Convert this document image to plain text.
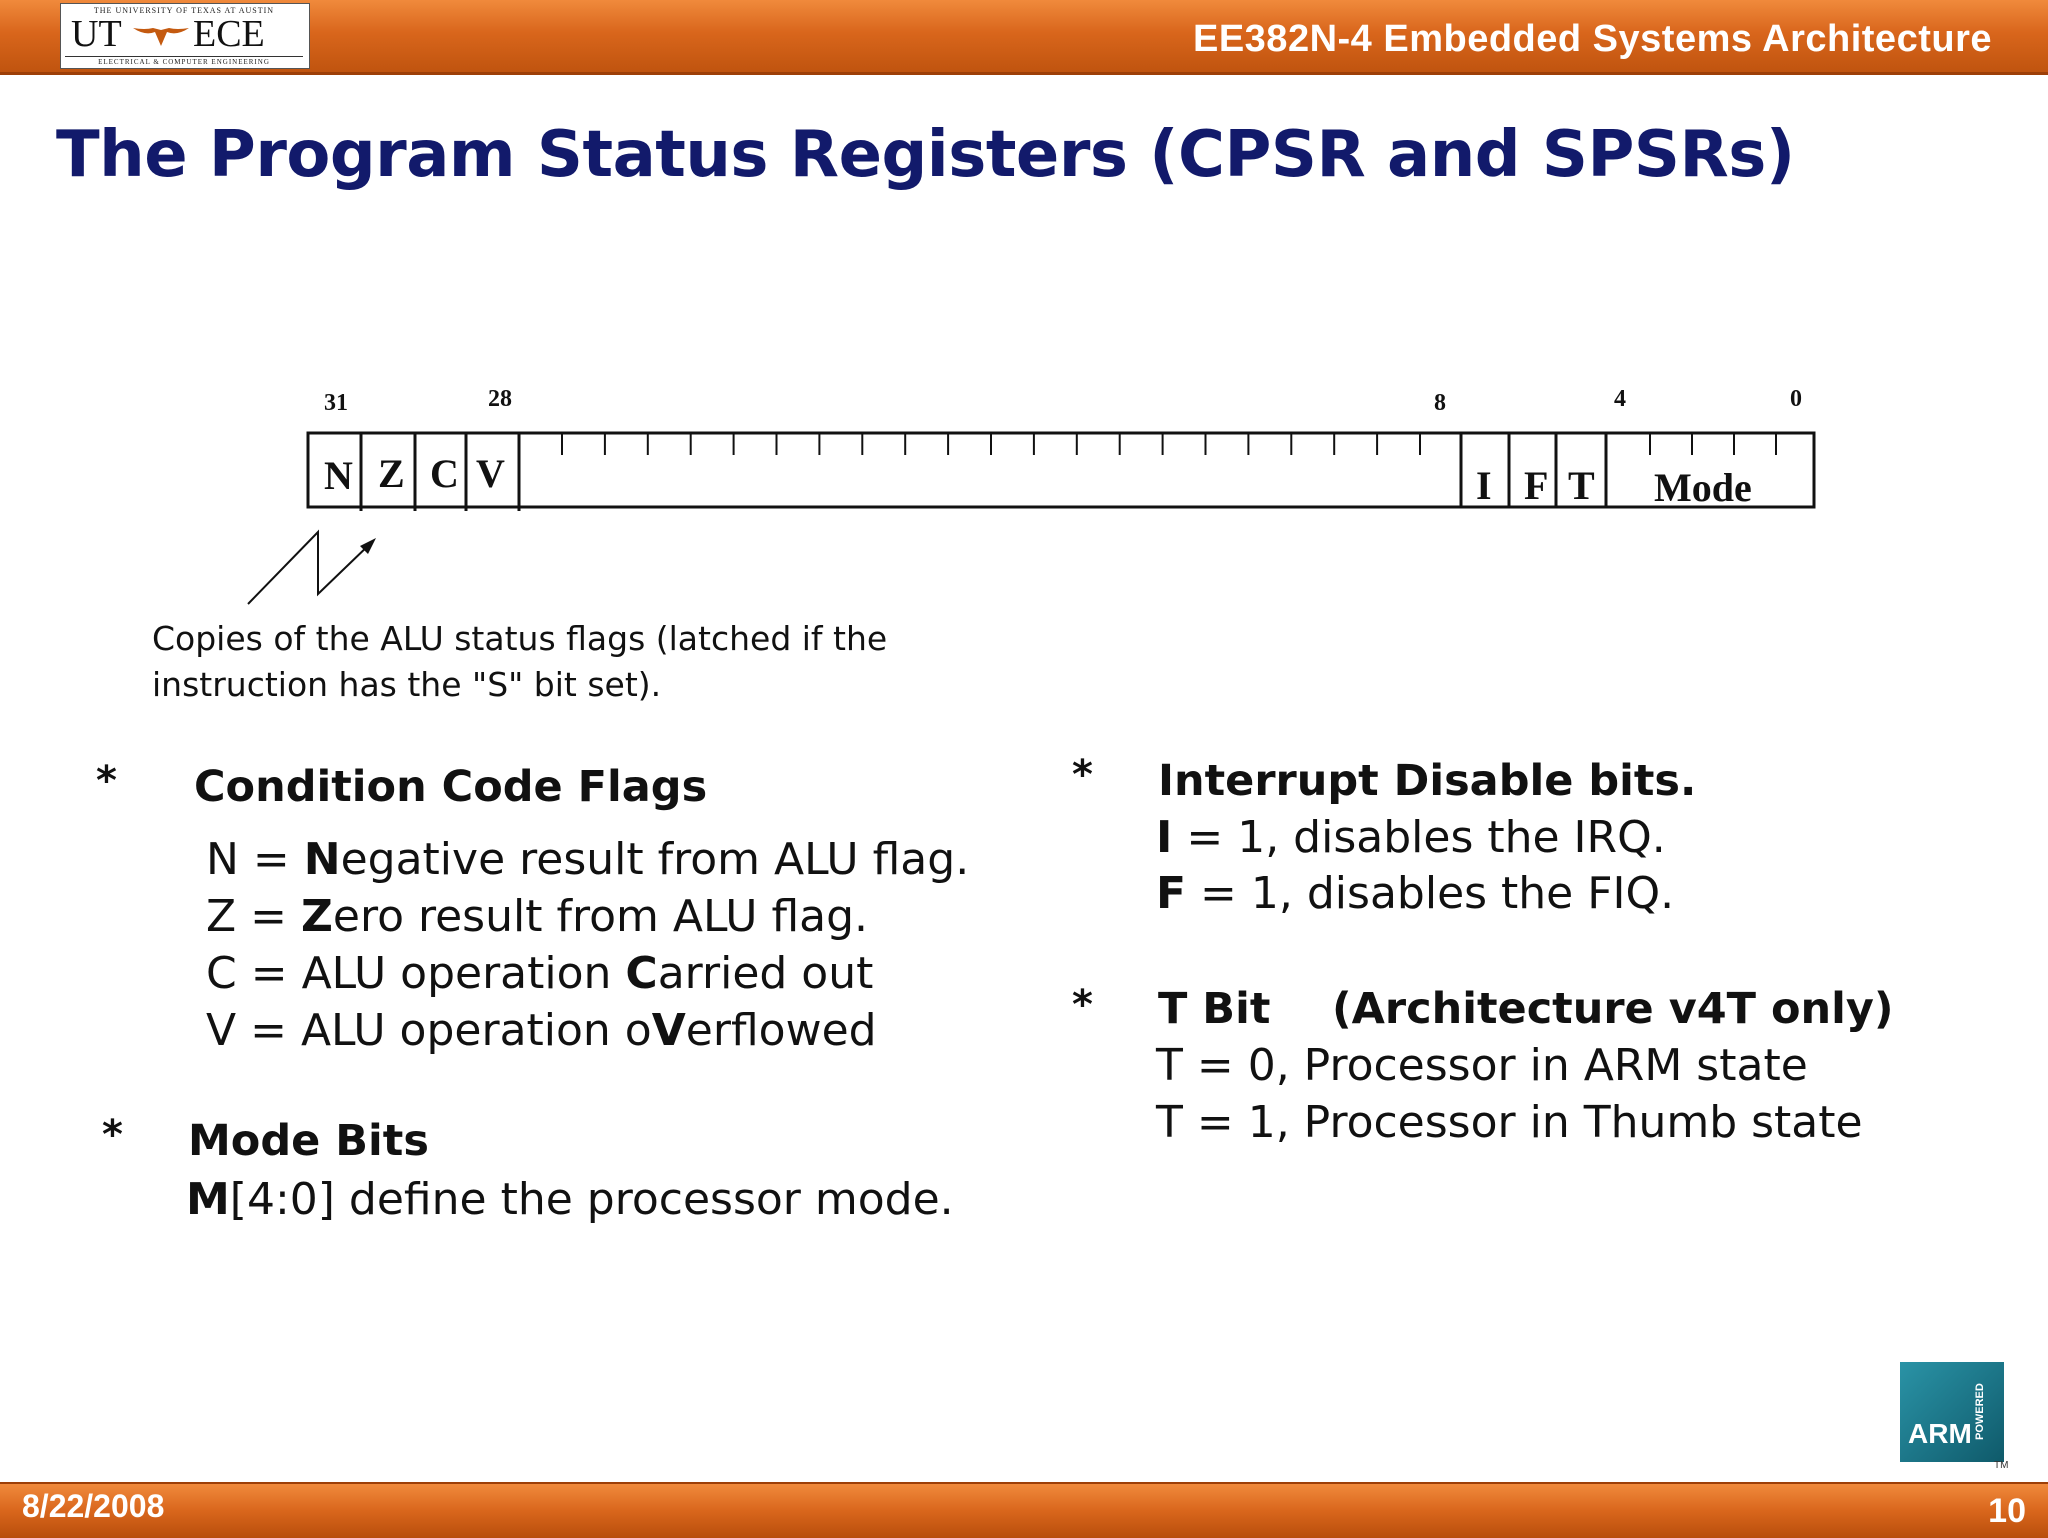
THE UNIVERSITY OF TEXAS AT AUSTIN
UT ECE
ELECTRICAL & COMPUTER ENGINEERING
EE382N-4 Embedded Systems Architecture
The Program Status Registers (CPSR and SPSRs)
31	28	8	4	0
N Z C V	I F T Mode
Copies of the ALU status flags (latched if the
instruction has the "S" bit set).
* Condition Code Flags
N = Negative result from ALU flag.
Z = Zero result from ALU flag.
C = ALU operation Carried out
V = ALU operation oVerflowed
* Mode Bits
M[4:0] define the processor mode.
* Interrupt Disable bits.
I = 1, disables the IRQ.
F = 1, disables the FIQ.
* T Bit (Architecture v4T only)
T = 0, Processor in ARM state
T = 1, Processor in Thumb state
ARM POWERED
TM
8/22/2008	10
